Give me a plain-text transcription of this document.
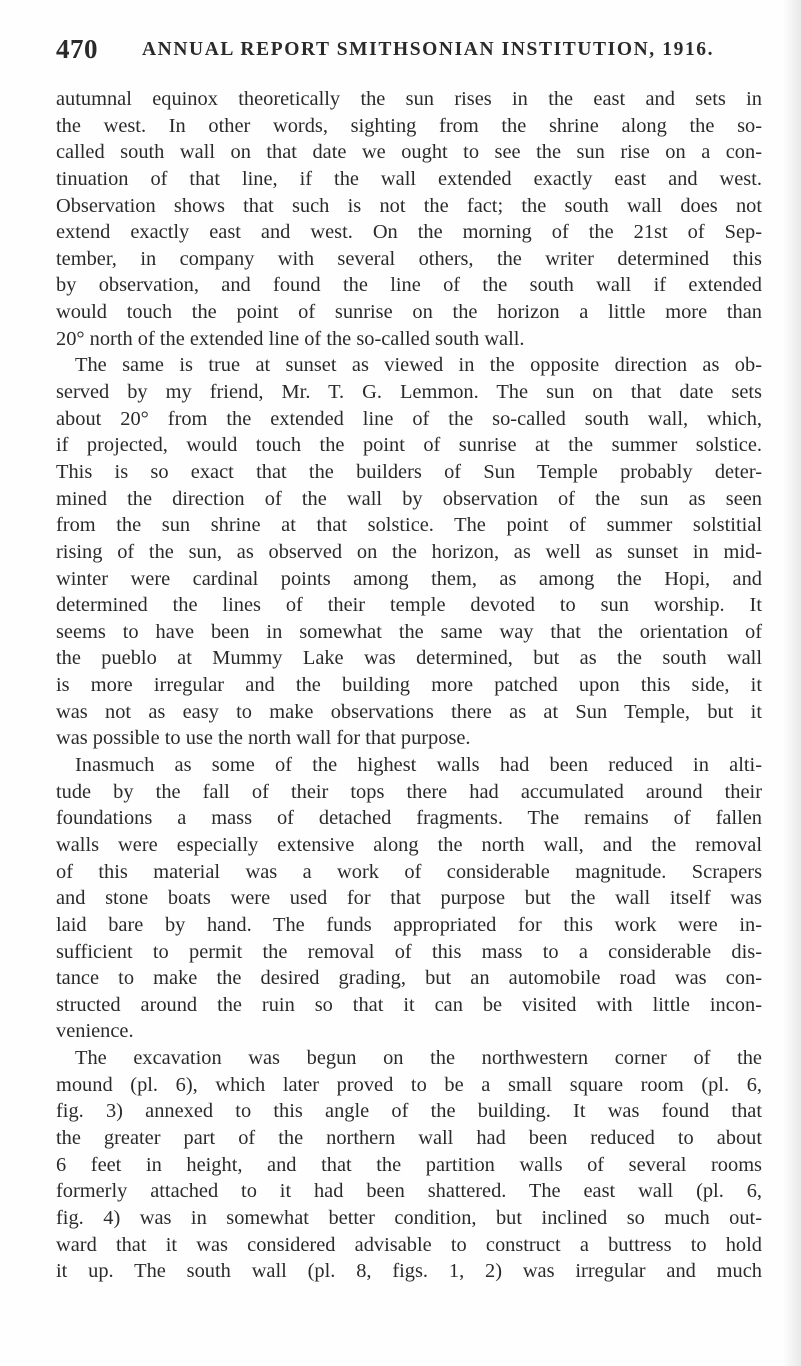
470 ANNUAL REPORT SMITHSONIAN INSTITUTION, 1916.
autumnal equinox theoretically the sun rises in the east and sets in
the west. In other words, sighting from the shrine along the so-
called south wall on that date we ought to see the sun rise on a con-
tinuation of that line, if the wall extended exactly east and west.
Observation shows that such is not the fact; the south wall does not
extend exactly east and west. On the morning of the 21st of Sep-
tember, in company with several others, the writer determined this
by observation, and found the line of the south wall if extended
would touch the point of sunrise on the horizon a little more than
20° north of the extended line of the so-called south wall.
The same is true at sunset as viewed in the opposite direction as ob-
served by my friend, Mr. T. G. Lemmon. The sun on that date sets
about 20° from the extended line of the so-called south wall, which,
if projected, would touch the point of sunrise at the summer solstice.
This is so exact that the builders of Sun Temple probably deter-
mined the direction of the wall by observation of the sun as seen
from the sun shrine at that solstice. The point of summer solstitial
rising of the sun, as observed on the horizon, as well as sunset in mid-
winter were cardinal points among them, as among the Hopi, and
determined the lines of their temple devoted to sun worship. It
seems to have been in somewhat the same way that the orientation of
the pueblo at Mummy Lake was determined, but as the south wall
is more irregular and the building more patched upon this side, it
was not as easy to make observations there as at Sun Temple, but it
was possible to use the north wall for that purpose.
Inasmuch as some of the highest walls had been reduced in alti-
tude by the fall of their tops there had accumulated around their
foundations a mass of detached fragments. The remains of fallen
walls were especially extensive along the north wall, and the removal
of this material was a work of considerable magnitude. Scrapers
and stone boats were used for that purpose but the wall itself was
laid bare by hand. The funds appropriated for this work were in-
sufficient to permit the removal of this mass to a considerable dis-
tance to make the desired grading, but an automobile road was con-
structed around the ruin so that it can be visited with little incon-
venience.
The excavation was begun on the northwestern corner of the
mound (pl. 6), which later proved to be a small square room (pl. 6,
fig. 3) annexed to this angle of the building. It was found that
the greater part of the northern wall had been reduced to about
6 feet in height, and that the partition walls of several rooms
formerly attached to it had been shattered. The east wall (pl. 6,
fig. 4) was in somewhat better condition, but inclined so much out-
ward that it was considered advisable to construct a buttress to hold
it up. The south wall (pl. 8, figs. 1, 2) was irregular and much
